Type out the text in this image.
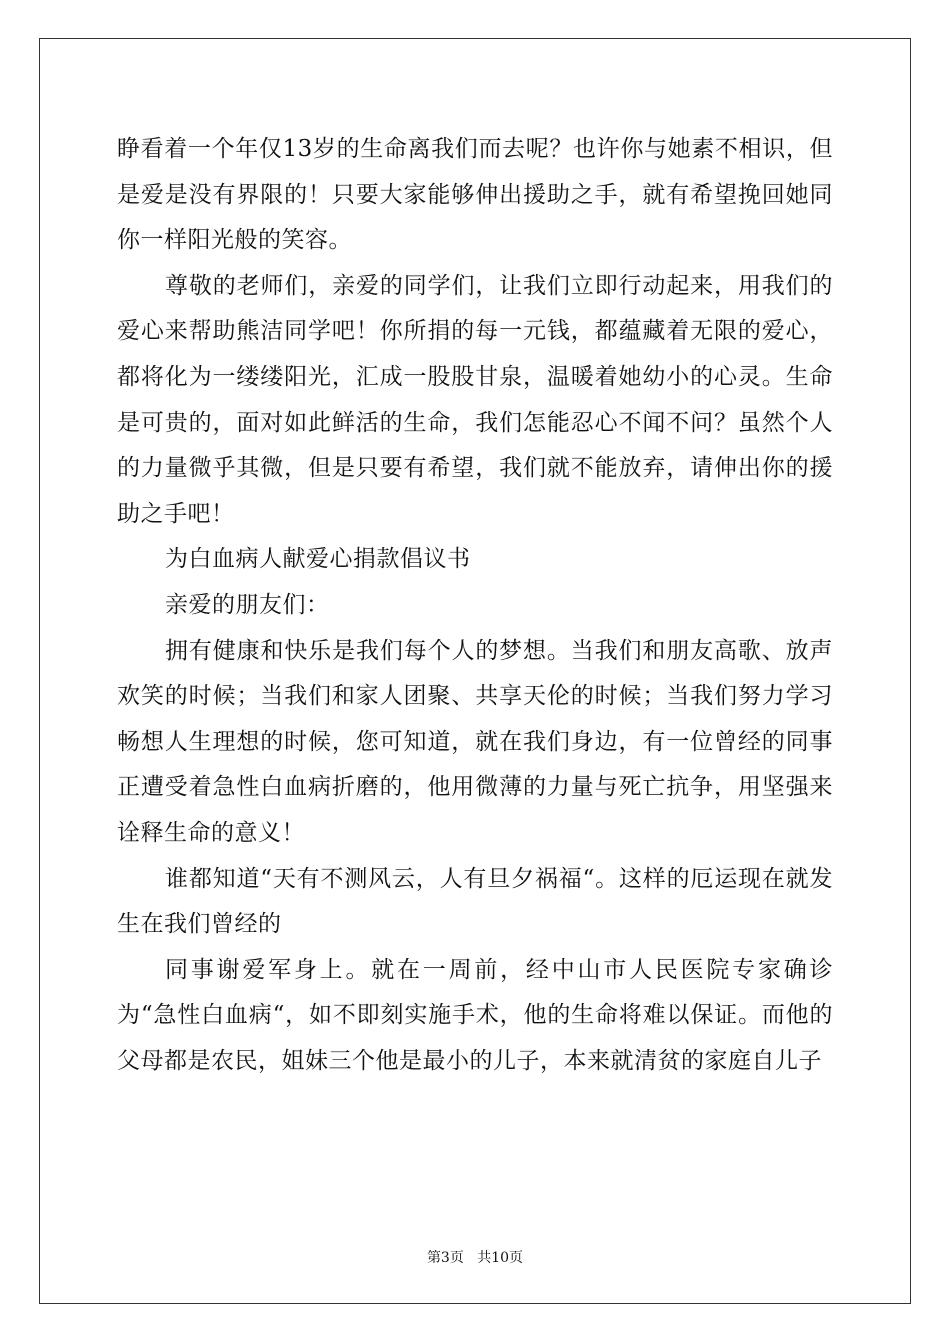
睁看着一个年仅13岁的生命离我们而去呢？也许你与她素不相识，但是爱是没有界限的！只要大家能够伸出援助之手，就有希望挽回她同你一样阳光般的笑容。

尊敬的老师们，亲爱的同学们，让我们立即行动起来，用我们的爱心来帮助熊洁同学吧！你所捐的每一元钱，都蕴藏着无限的爱心，都将化为一缕缕阳光，汇成一股股甘泉，温暖着她幼小的心灵。生命是可贵的，面对如此鲜活的生命，我们怎能忍心不闻不问？虽然个人的力量微乎其微，但是只要有希望，我们就不能放弃，请伸出你的援助之手吧！

为白血病人献爱心捐款倡议书

亲爱的朋友们：

拥有健康和快乐是我们每个人的梦想。当我们和朋友高歌、放声欢笑的时候；当我们和家人团聚、共享天伦的时候；当我们努力学习畅想人生理想的时候，您可知道，就在我们身边，有一位曾经的同事正遭受着急性白血病折磨的，他用微薄的力量与死亡抗争，用坚强来诠释生命的意义！

谁都知道“天有不测风云，人有旦夕祸福“。这样的厄运现在就发生在我们曾经的

同事谢爱军身上。就在一周前，经中山市人民医院专家确诊为“急性白血病“，如不即刻实施手术，他的生命将难以保证。而他的父母都是农民，姐妹三个他是最小的儿子，本来就清贫的家庭自儿子

第3页 共10页
